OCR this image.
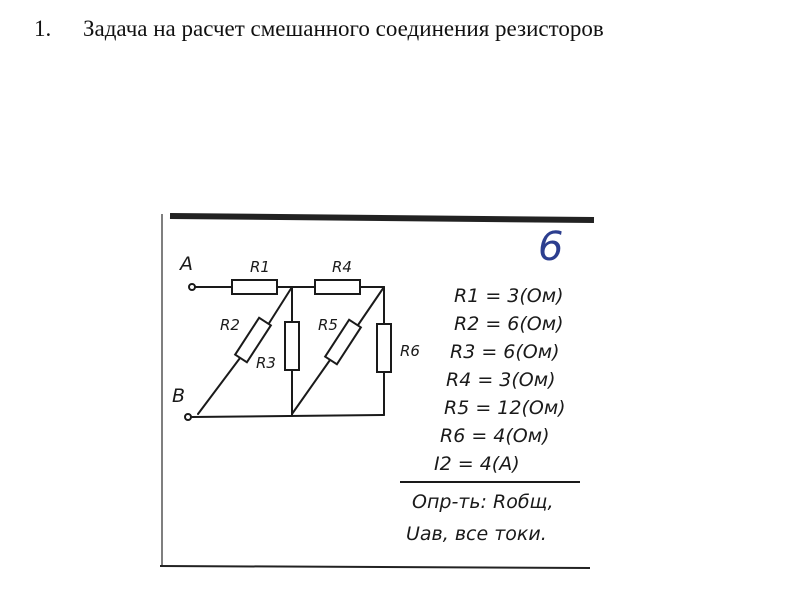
1. Задача на расчет смешанного соединения резисторов
6
A
B
R1	R4
R2
R3
R5
R6
R1 = 3(Ом)
R2 = 6(Ом)
R3 = 6(Ом)
R4 = 3(Ом)
R5 = 12(Ом)
R6 = 4(Ом)
I2 = 4(А)
Опр-ть: Rобщ,
Uав, все токи.
